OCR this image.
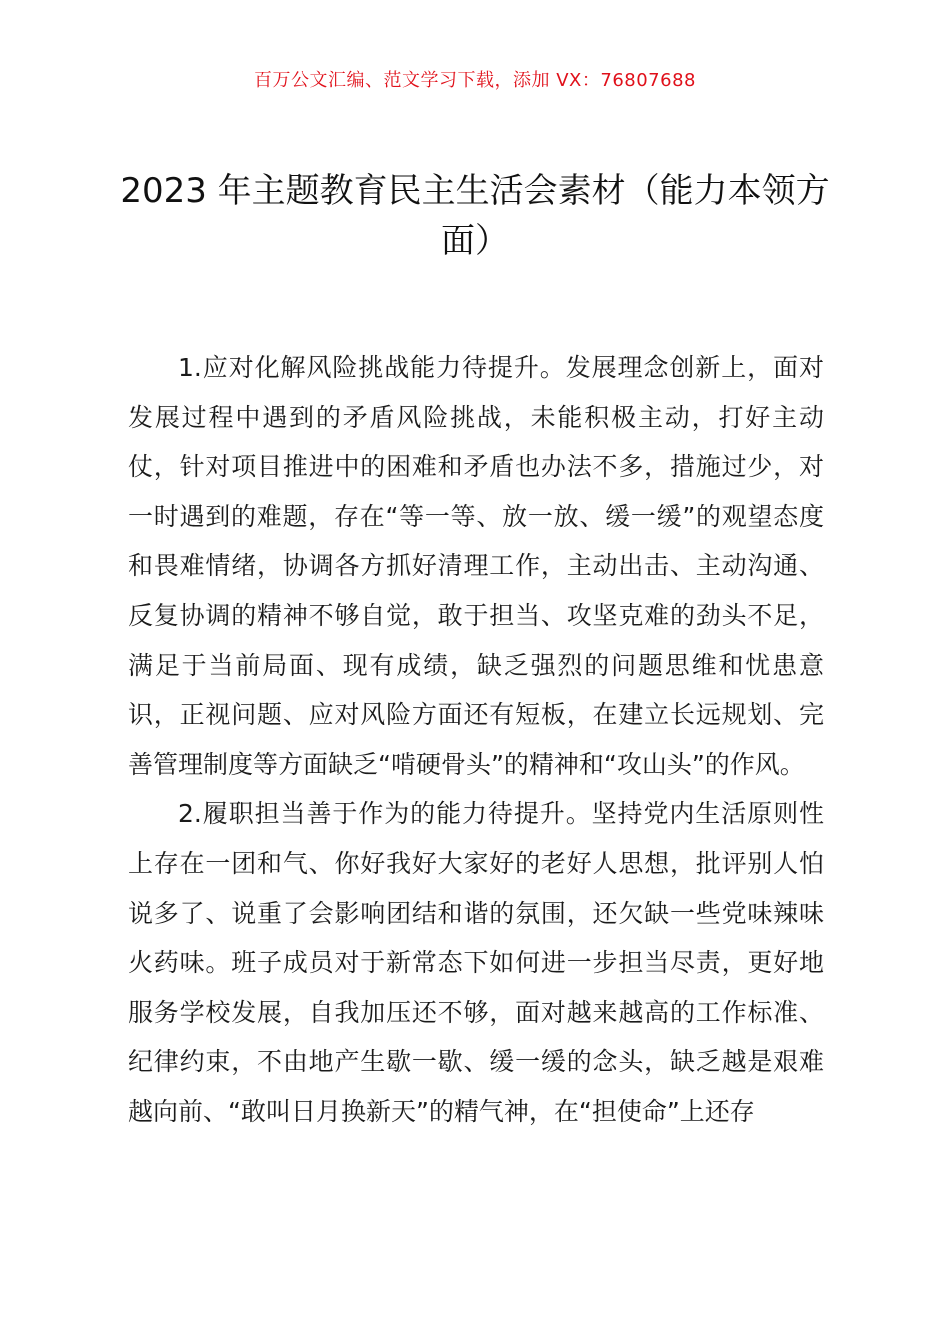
百万公文汇编、范文学习下载，添加 VX：76807688
2023 年主题教育民主生活会素材（能力本领方面）

1.应对化解风险挑战能力待提升。发展理念创新上，面对发展过程中遇到的矛盾风险挑战，未能积极主动，打好主动仗，针对项目推进中的困难和矛盾也办法不多，措施过少，对一时遇到的难题，存在“等一等、放一放、缓一缓”的观望态度和畏难情绪，协调各方抓好清理工作，主动出击、主动沟通、反复协调的精神不够自觉，敢于担当、攻坚克难的劲头不足，满足于当前局面、现有成绩，缺乏强烈的问题思维和忧患意识，正视问题、应对风险方面还有短板，在建立长远规划、完善管理制度等方面缺乏“啃硬骨头”的精神和“攻山头”的作风。

2.履职担当善于作为的能力待提升。坚持党内生活原则性上存在一团和气、你好我好大家好的老好人思想，批评别人怕说多了、说重了会影响团结和谐的氛围，还欠缺一些党味辣味火药味。班子成员对于新常态下如何进一步担当尽责，更好地服务学校发展，自我加压还不够，面对越来越高的工作标准、纪律约束，不由地产生歇一歇、缓一缓的念头，缺乏越是艰难越向前、“敢叫日月换新天”的精气神，在“担使命”上还存
